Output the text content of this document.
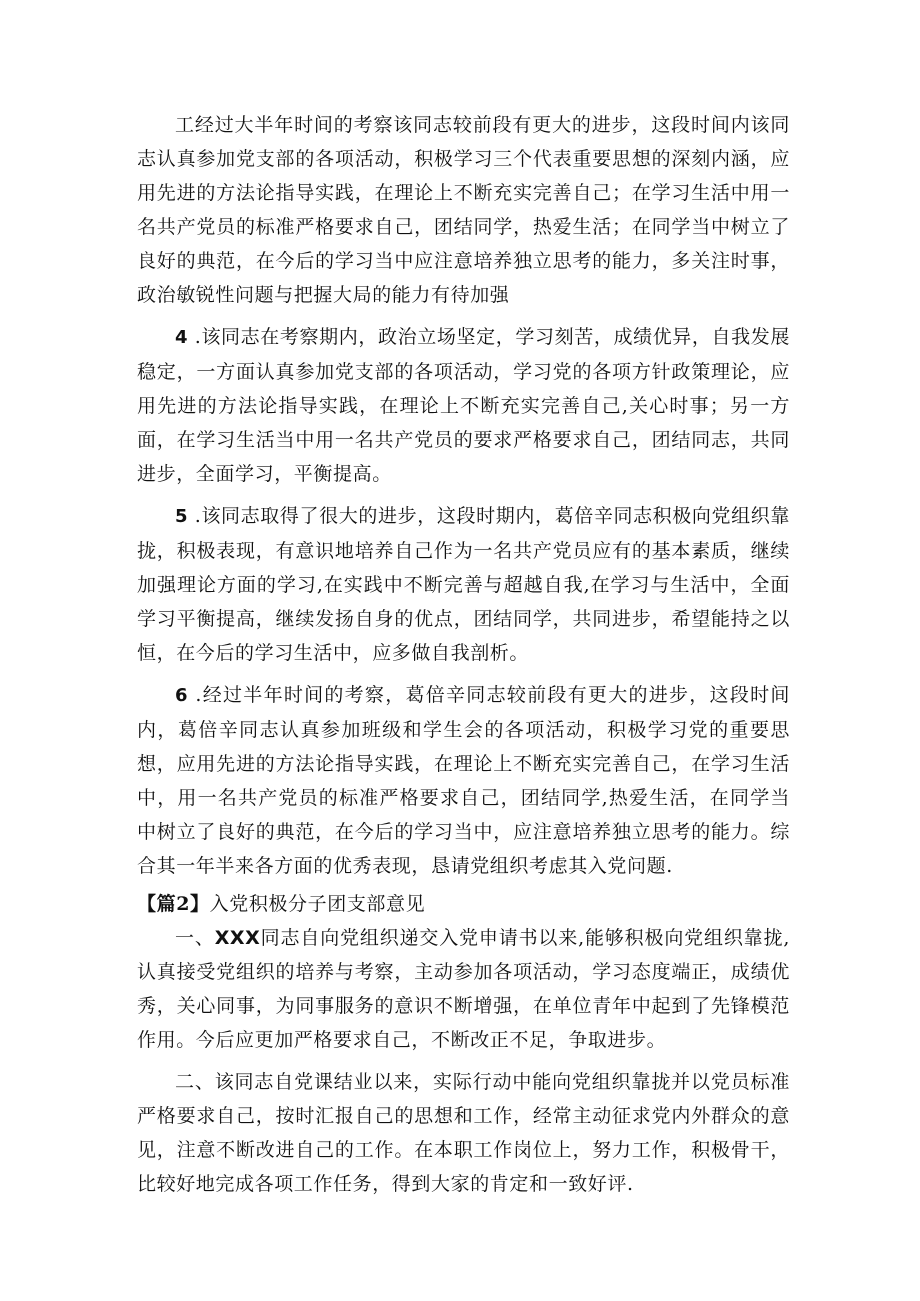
工经过大半年时间的考察该同志较前段有更大的进步，这段时间内该同志认真参加党支部的各项活动，积极学习三个代表重要思想的深刻内涵，应用先进的方法论指导实践，在理论上不断充实完善自己；在学习生活中用一名共产党员的标准严格要求自己，团结同学，热爱生活；在同学当中树立了良好的典范，在今后的学习当中应注意培养独立思考的能力，多关注时事，政治敏锐性问题与把握大局的能力有待加强

4 .该同志在考察期内，政治立场坚定，学习刻苦，成绩优异，自我发展稳定，一方面认真参加党支部的各项活动，学习党的各项方针政策理论，应用先进的方法论指导实践，在理论上不断充实完善自己,关心时事；另一方面，在学习生活当中用一名共产党员的要求严格要求自己，团结同志，共同进步，全面学习，平衡提高。

5 .该同志取得了很大的进步，这段时期内，葛倍辛同志积极向党组织靠拢，积极表现，有意识地培养自己作为一名共产党员应有的基本素质，继续加强理论方面的学习,在实践中不断完善与超越自我,在学习与生活中，全面学习平衡提高，继续发扬自身的优点，团结同学，共同进步，希望能持之以恒，在今后的学习生活中，应多做自我剖析。

6 .经过半年时间的考察，葛倍辛同志较前段有更大的进步，这段时间内，葛倍辛同志认真参加班级和学生会的各项活动，积极学习党的重要思想，应用先进的方法论指导实践，在理论上不断充实完善自己，在学习生活中，用一名共产党员的标准严格要求自己，团结同学,热爱生活，在同学当中树立了良好的典范，在今后的学习当中，应注意培养独立思考的能力。综合其一年半来各方面的优秀表现，恳请党组织考虑其入党问题.

【篇2】入党积极分子团支部意见

一、XXX同志自向党组织递交入党申请书以来,能够积极向党组织靠拢,认真接受党组织的培养与考察，主动参加各项活动，学习态度端正，成绩优秀，关心同事，为同事服务的意识不断增强，在单位青年中起到了先锋模范作用。今后应更加严格要求自己，不断改正不足，争取进步。

二、该同志自党课结业以来，实际行动中能向党组织靠拢并以党员标准严格要求自己，按时汇报自己的思想和工作，经常主动征求党内外群众的意见，注意不断改进自己的工作。在本职工作岗位上，努力工作，积极骨干，比较好地完成各项工作任务，得到大家的肯定和一致好评.
